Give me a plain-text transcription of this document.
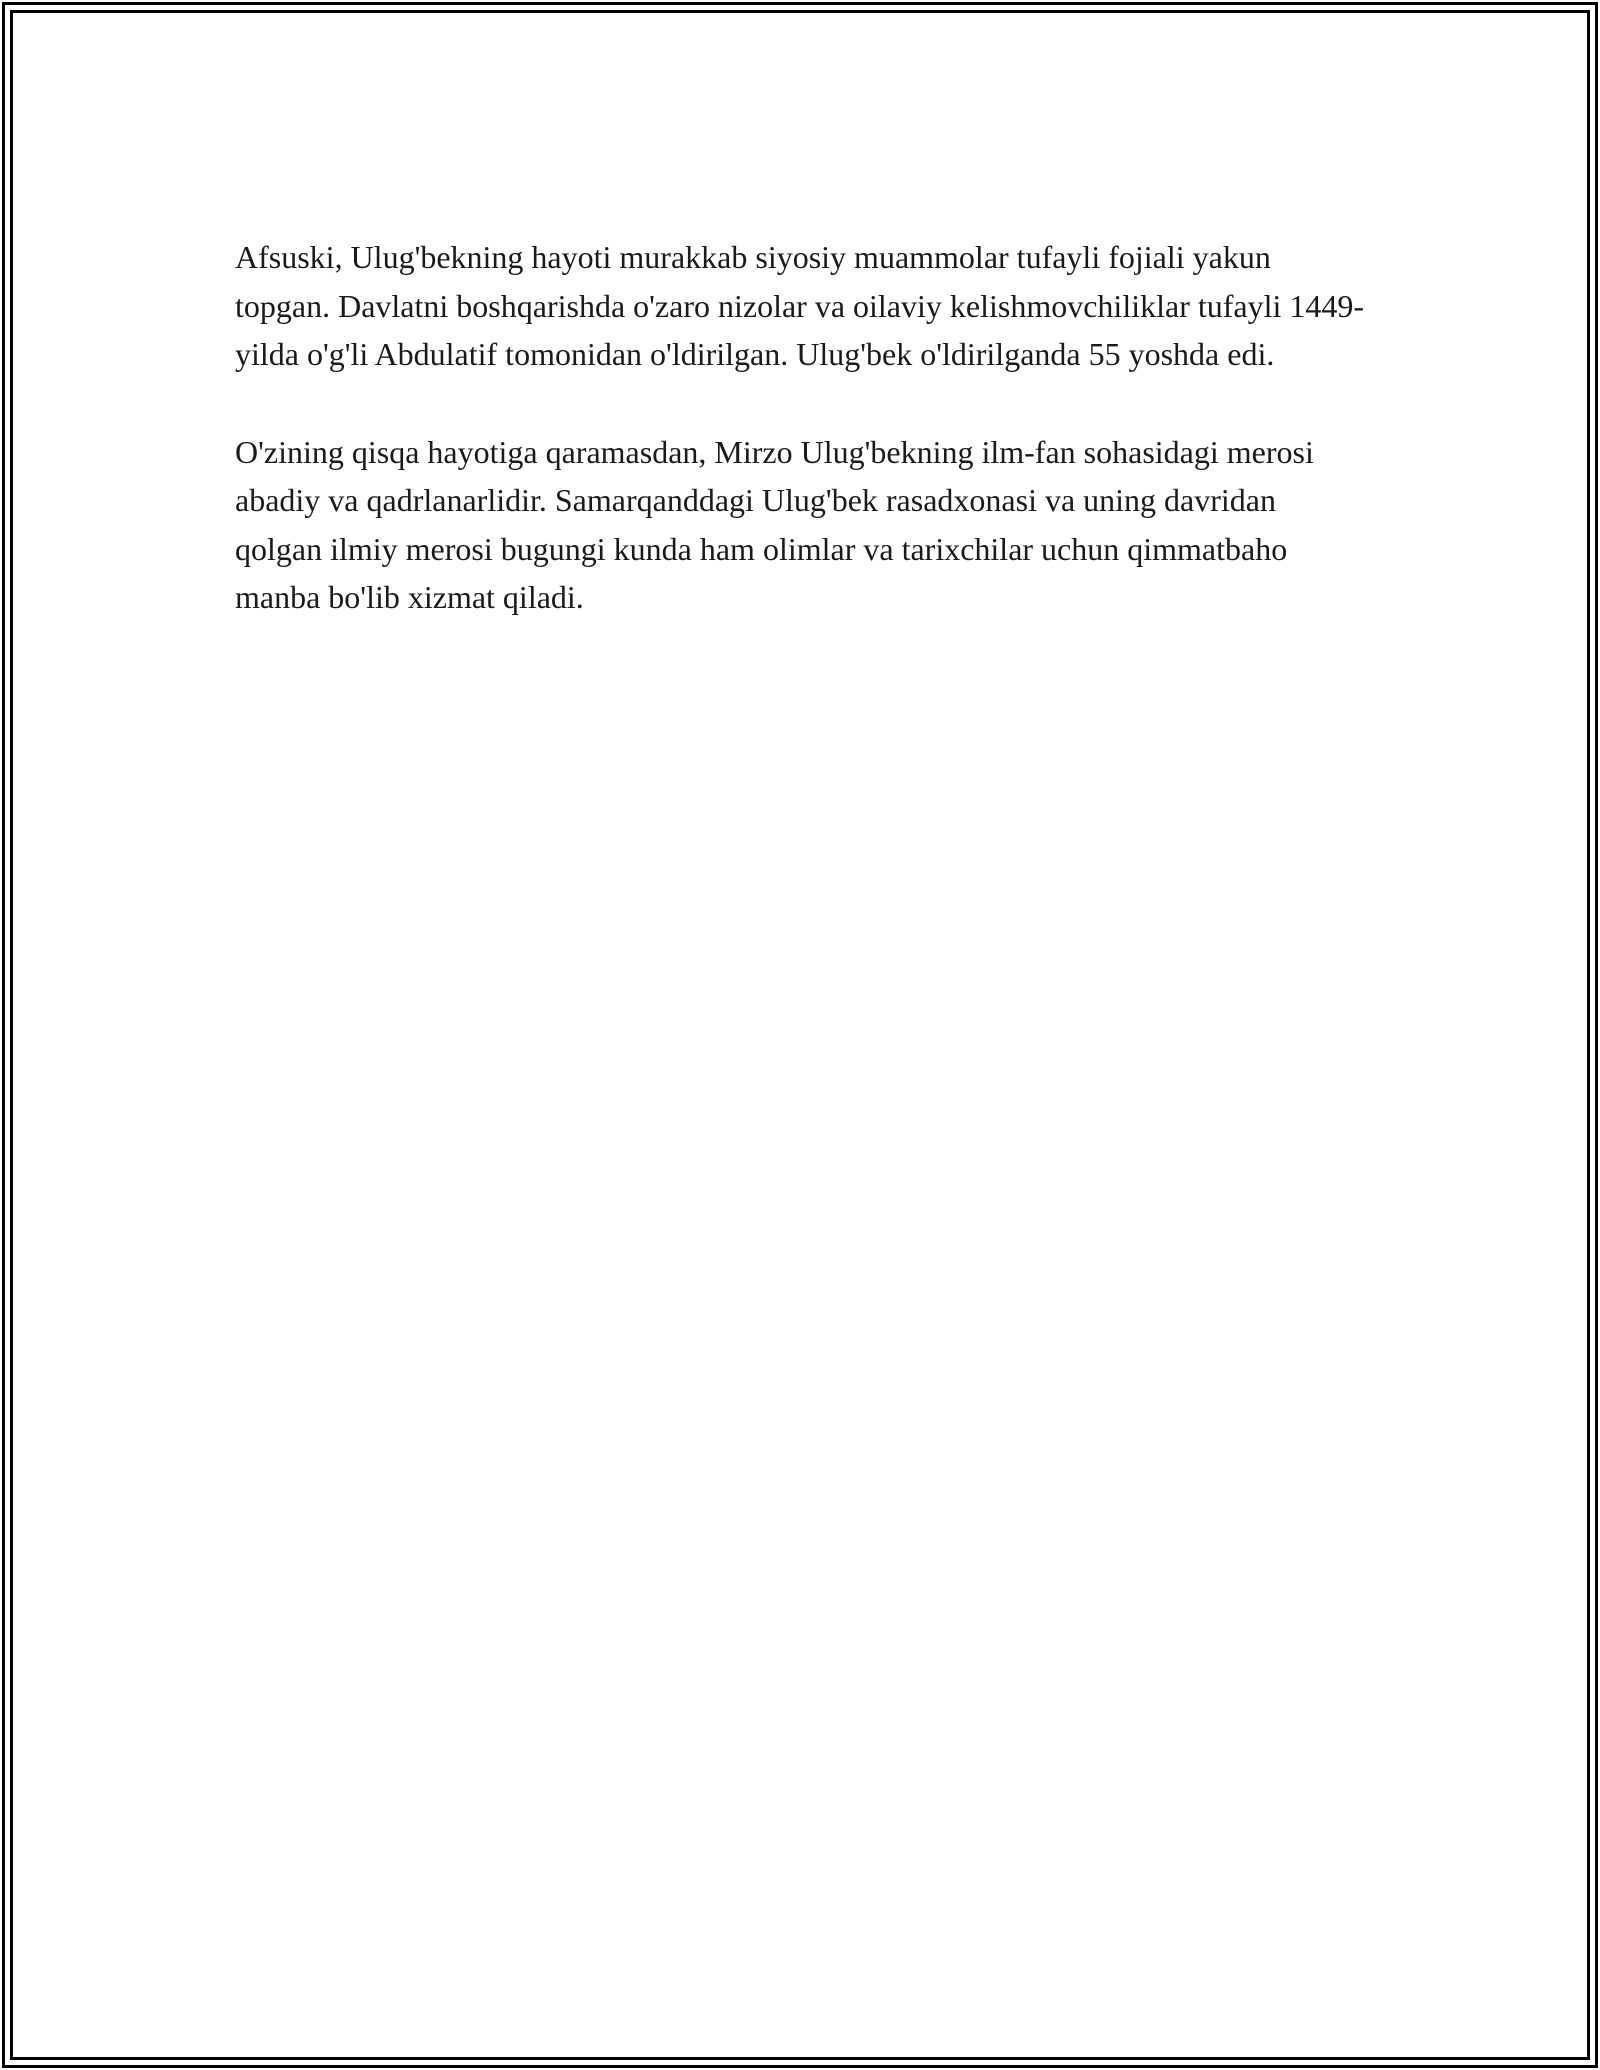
Afsuski, Ulug'bekning hayoti murakkab siyosiy muammolar tufayli fojiali yakun topgan. Davlatni boshqarishda o'zaro nizolar va oilaviy kelishmovchiliklar tufayli 1449-yilda o'g'li Abdulatif tomonidan o'ldirilgan. Ulug'bek o'ldirilganda 55 yoshda edi.

O'zining qisqa hayotiga qaramasdan, Mirzo Ulug'bekning ilm-fan sohasidagi merosi abadiy va qadrlanarlidir. Samarqanddagi Ulug'bek rasadxonasi va uning davridan qolgan ilmiy merosi bugungi kunda ham olimlar va tarixchilar uchun qimmatbaho manba bo'lib xizmat qiladi.
